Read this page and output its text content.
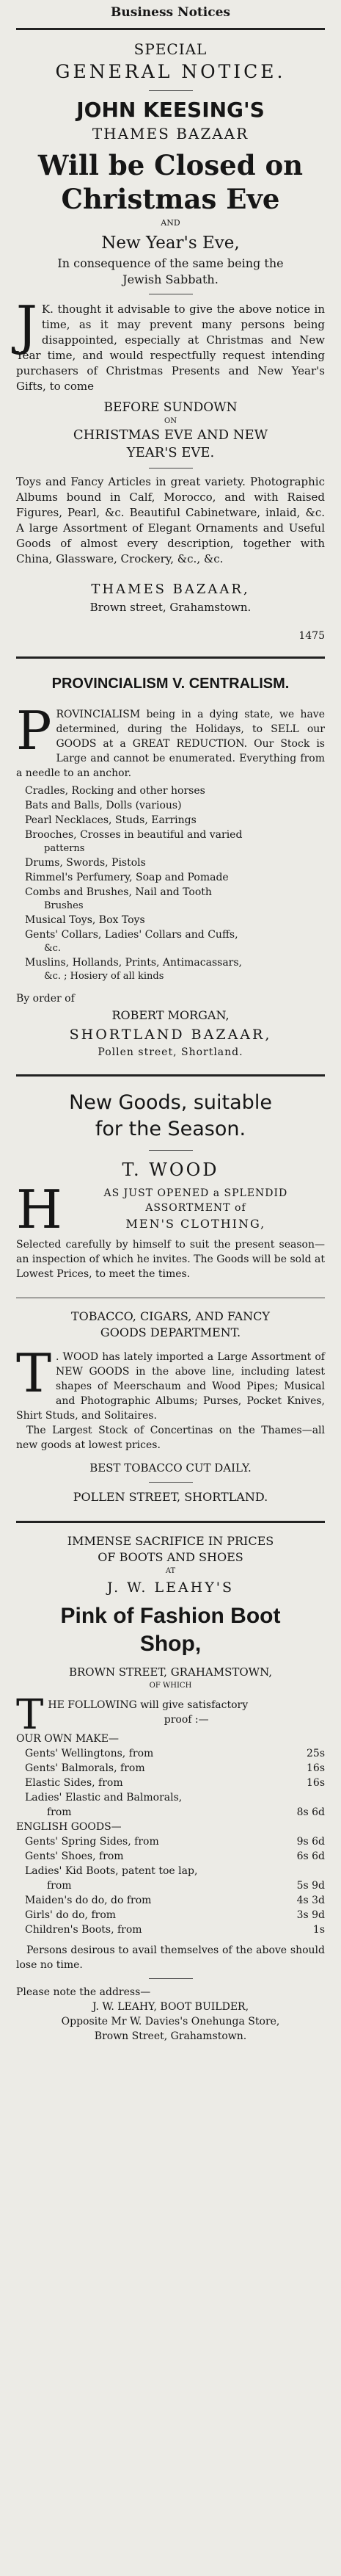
Business Notices
SPECIAL
GENERAL NOTICE.
JOHN KEESING'S
THAMES BAZAAR
Will be Closed on
Christmas Eve
AND
New Year's Eve,
In consequence of the same being the
Jewish Sabbath.
J K. thought it advisable to give the above notice in time, as it may prevent many persons being disappointed, especially at Christmas and New Year time, and would respectfully request intending purchasers of Christmas Presents and New Year's Gifts, to come

BEFORE SUNDOWN
ON
CHRISTMAS EVE AND NEW
YEAR'S EVE.

Toys and Fancy Articles in great variety. Photographic Albums bound in Calf, Morocco, and with Raised Figures, Pearl, &c. Beautiful Cabinetware, inlaid, &c. A large Assortment of Elegant Ornaments and Useful Goods of almost every description, together with China, Glassware, Crockery, &c., &c.

THAMES BAZAAR,
Brown street, Grahamstown.
1475
PROVINCIALISM V. CENTRALISM.
P ROVINCIALISM being in a dying state, we have determined, during the Holidays, to SELL our GOODS at a GREAT REDUCTION. Our Stock is Large and cannot be enumerated. Everything from a needle to an anchor.

Cradles, Rocking and other horses

Bats and Balls, Dolls (various)

Pearl Necklaces, Studs, Earrings

Brooches, Crosses in beautiful and varied

patterns

Drums, Swords, Pistols

Rimmel's Perfumery, Soap and Pomade

Combs and Brushes, Nail and Tooth

Brushes

Musical Toys, Box Toys

Gents' Collars, Ladies' Collars and Cuffs,

&c.

Muslins, Hollands, Prints, Antimacassars,

&c. ; Hosiery of all kinds

By order of
ROBERT MORGAN,
SHORTLAND BAZAAR,
Pollen street, Shortland.
New Goods, suitable
for the Season.
T. WOOD
H	AS JUST OPENED a SPLENDID
ASSORTMENT of
MEN'S CLOTHING,

Selected carefully by himself to suit the present season—an inspection of which he invites. The Goods will be sold at Lowest Prices, to meet the times.

TOBACCO, CIGARS, AND FANCY
GOODS DEPARTMENT.
T . WOOD has lately imported a Large Assortment of NEW GOODS in the above line, including latest shapes of Meerschaum and Wood Pipes; Musical and Photographic Albums; Purses, Pocket Knives, Shirt Studs, and Solitaires.

The Largest Stock of Concertinas on the Thames—all new goods at lowest prices.

BEST TOBACCO CUT DAILY.
POLLEN STREET, SHORTLAND.
IMMENSE SACRIFICE IN PRICES
OF BOOTS AND SHOES
AT
J. W. LEAHY'S
Pink of Fashion Boot
Shop,
BROWN STREET, GRAHAMSTOWN,
OF WHICH
T HE FOLLOWING will give satisfactory

proof :—

OUR OWN MAKE—
Gents' Wellingtons, from	25s
Gents' Balmorals, from	16s
Elastic Sides, from	16s
Ladies' Elastic and Balmorals,
from	8s 6d
ENGLISH GOODS—
Gents' Spring Sides, from	9s 6d
Gents' Shoes, from	6s 6d
Ladies' Kid Boots, patent toe lap,
from	5s 9d
Maiden's do do, do from	4s 3d
Girls' do do, from	3s 9d
Children's Boots, from	1s

Persons desirous to avail themselves of the above should lose no time.

Please note the address—
J. W. LEAHY, BOOT BUILDER,
Opposite Mr W. Davies's Onehunga Store,
Brown Street, Grahamstown.
